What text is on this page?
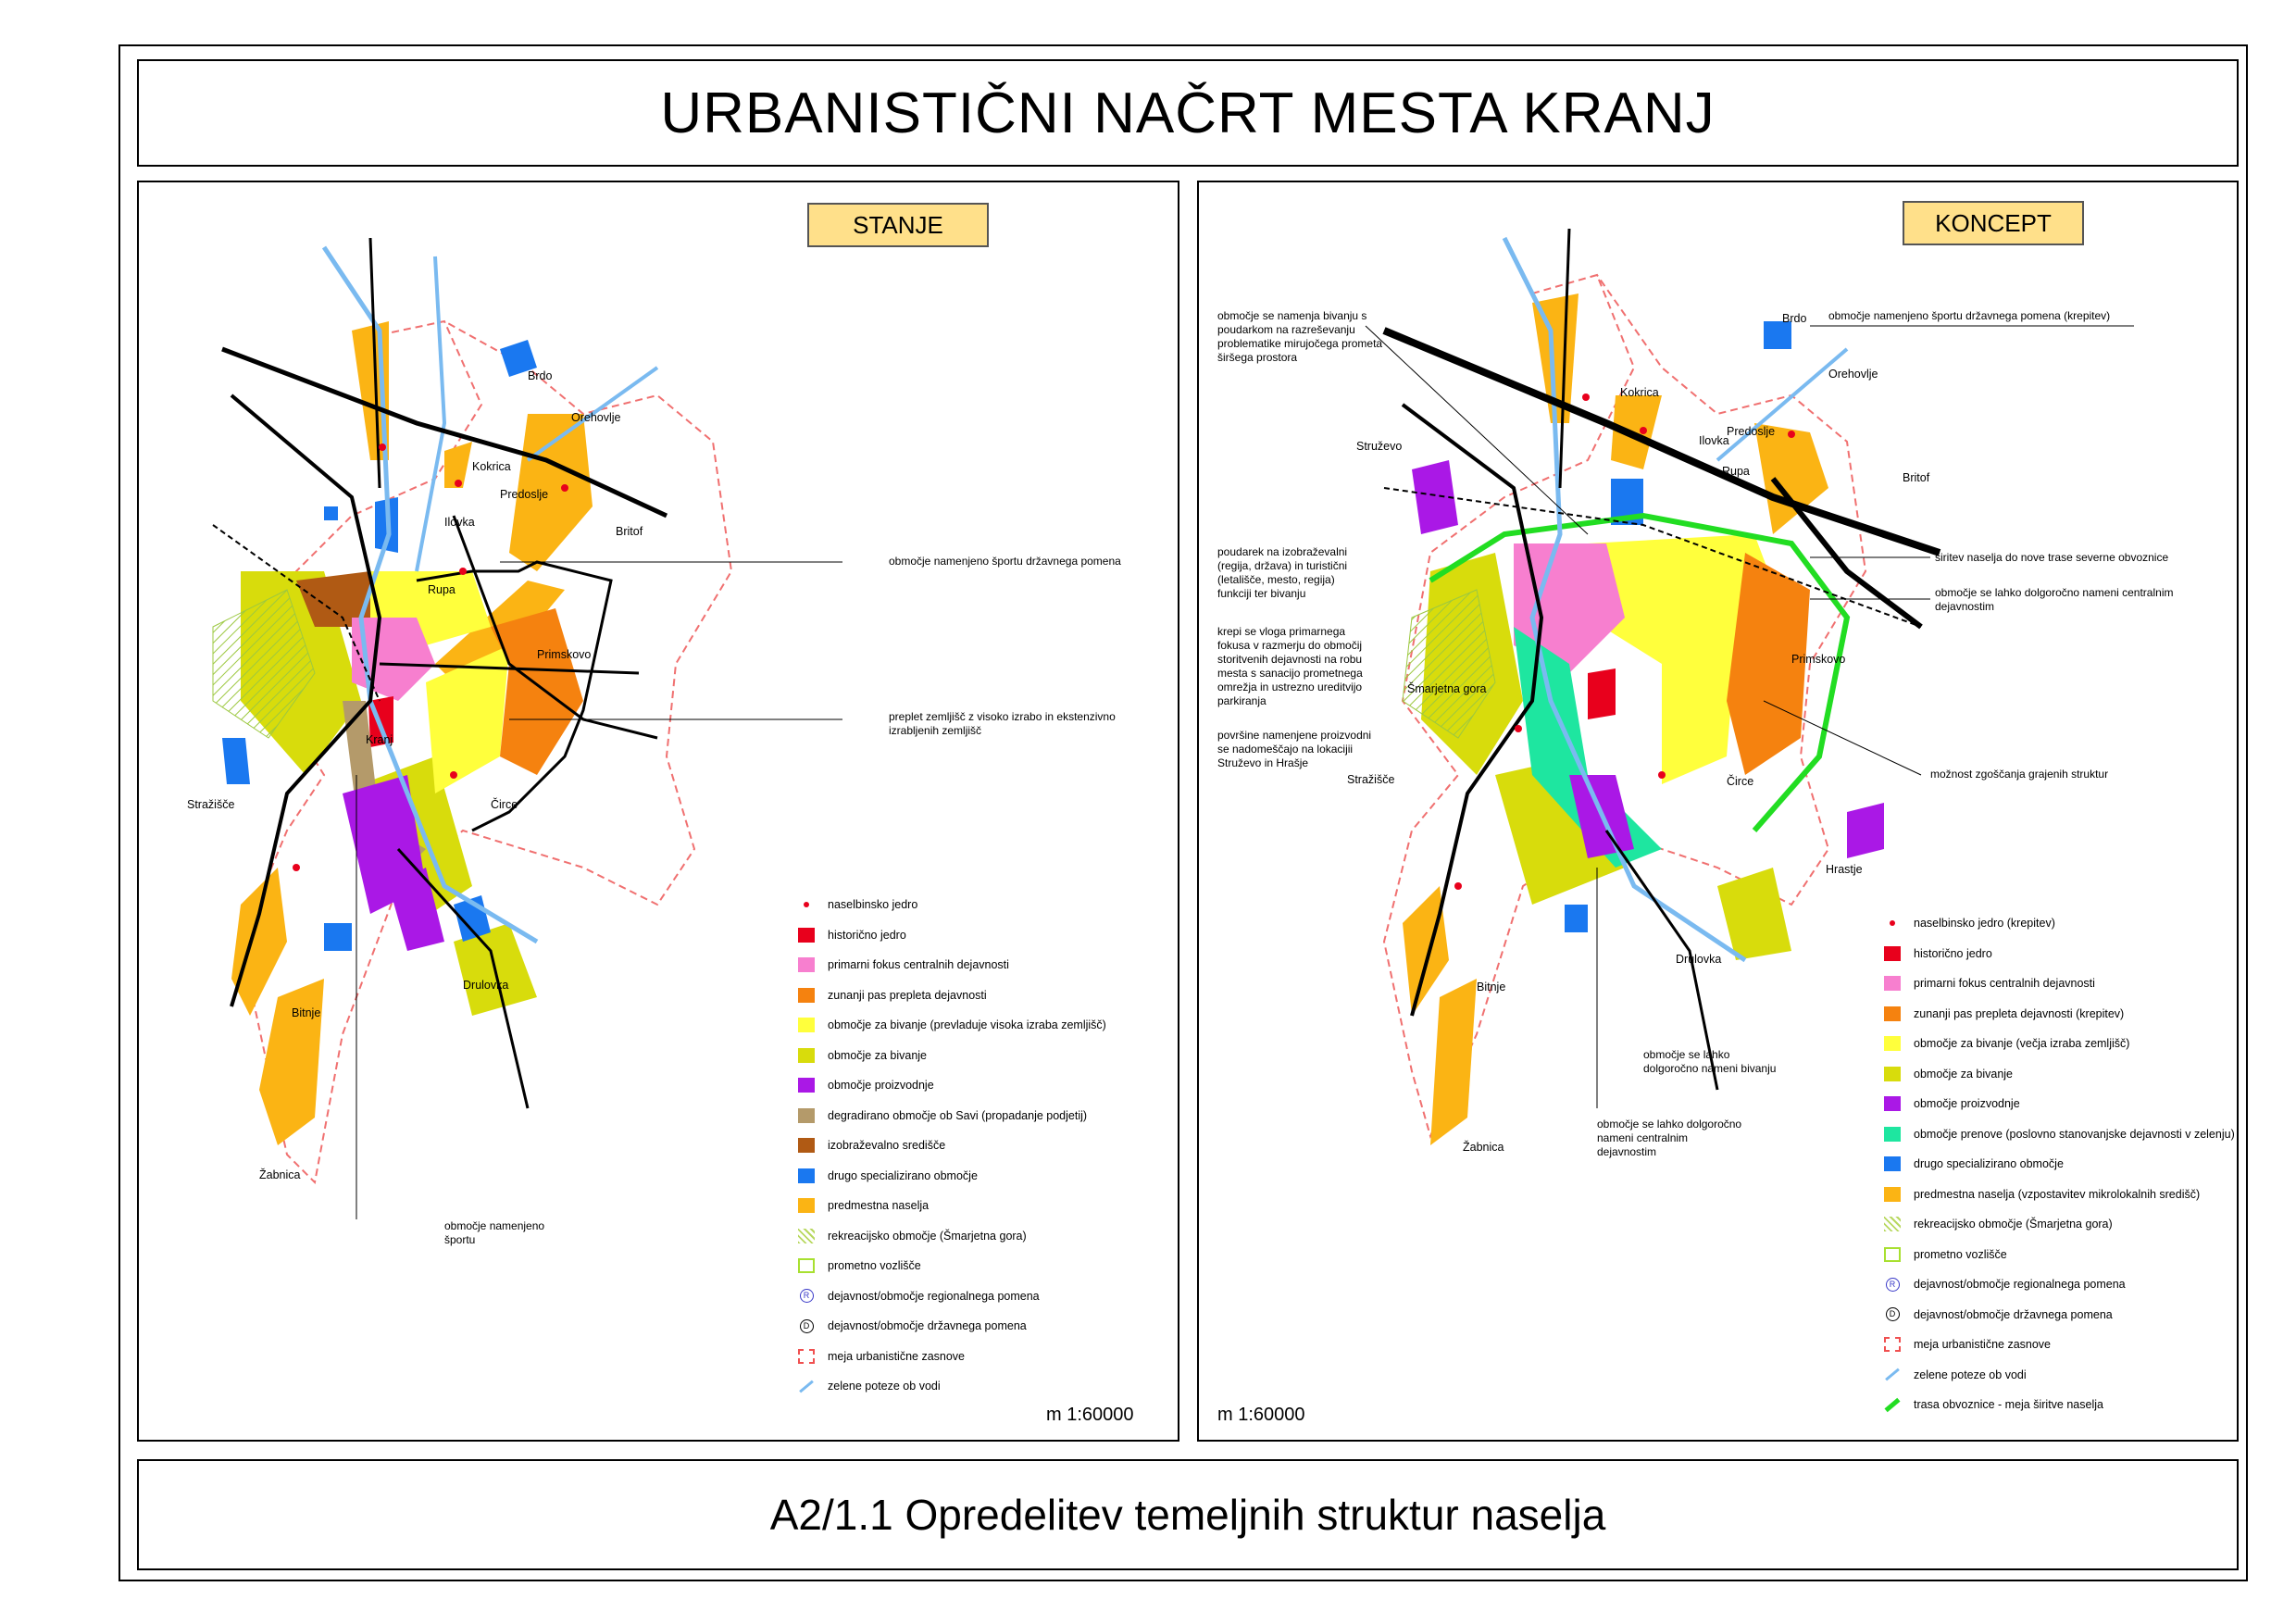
URBANISTIČNI NAČRT MESTA KRANJ
STANJE
Brdo
Orehovlje
Kokrica
Predoslje
Ilovka
Britof
Rupa
Primskovo
Kranj
Stražišče	Čirce
Drulovka
Bitnje
Žabnica
območje namenjeno športu državnega pomena
preplet zemljišč z visoko izrabo in ekstenzivno izrabljenih zemljišč
območje namenjeno športu
naselbinsko jedro
historično jedro
primarni fokus centralnih dejavnosti
zunanji pas prepleta dejavnosti
območje za bivanje (prevladuje visoka izraba zemljišč)
območje za bivanje
območje proizvodnje
degradirano območje ob Savi (propadanje podjetij)
izobraževalno središče
drugo specializirano območje
predmestna naselja
rekreacijsko območje (Šmarjetna gora)
prometno vozlišče
R	dejavnost/območje regionalnega pomena
D	dejavnost/območje državnega pomena
meja urbanistične zasnove
zelene poteze ob vodi
m 1:60000
KONCEPT
Brdo
Orehovlje
Kokrica
Predoslje
Ilovka
Britof
Rupa
Primskovo
Struževo
Šmarjetna gora
Stražišče	Čirce
Hrastje
Drulovka
Bitnje
Žabnica
območje se namenja bivanju s poudarkom na razreševanju problematike mirujočega prometa širšega prostora
območje namenjeno športu državnega pomena (krepitev)
poudarek na izobraževalni (regija, država) in turistični (letališče, mesto, regija) funkciji ter bivanju
krepi se vloga primarnega fokusa v razmerju do območij storitvenih dejavnosti na robu mesta s sanacijo prometnega omrežja in ustrezno ureditvijo parkiranja
površine namenjene proizvodni se nadomeščajo na lokacijii Struževo in Hrašje
širitev naselja do nove trase severne obvoznice
območje se lahko dolgoročno nameni centralnim dejavnostim
možnost zgoščanja grajenih struktur
območje se lahko dolgoročno nameni bivanju
območje se lahko dolgoročno nameni centralnim dejavnostim
naselbinsko jedro (krepitev)
historično jedro
primarni fokus centralnih dejavnosti
zunanji pas prepleta dejavnosti (krepitev)
območje za bivanje (večja izraba zemljišč)
območje za bivanje
območje proizvodnje
območje prenove (poslovno stanovanjske dejavnosti v zelenju)
drugo specializirano območje
predmestna naselja (vzpostavitev mikrolokalnih središč)
rekreacijsko območje (Šmarjetna gora)
prometno vozlišče
R	dejavnost/območje regionalnega pomena
D	dejavnost/območje državnega pomena
meja urbanistične zasnove
zelene poteze ob vodi
trasa obvoznice - meja širitve naselja
m 1:60000
A2/1.1 Opredelitev temeljnih struktur naselja
